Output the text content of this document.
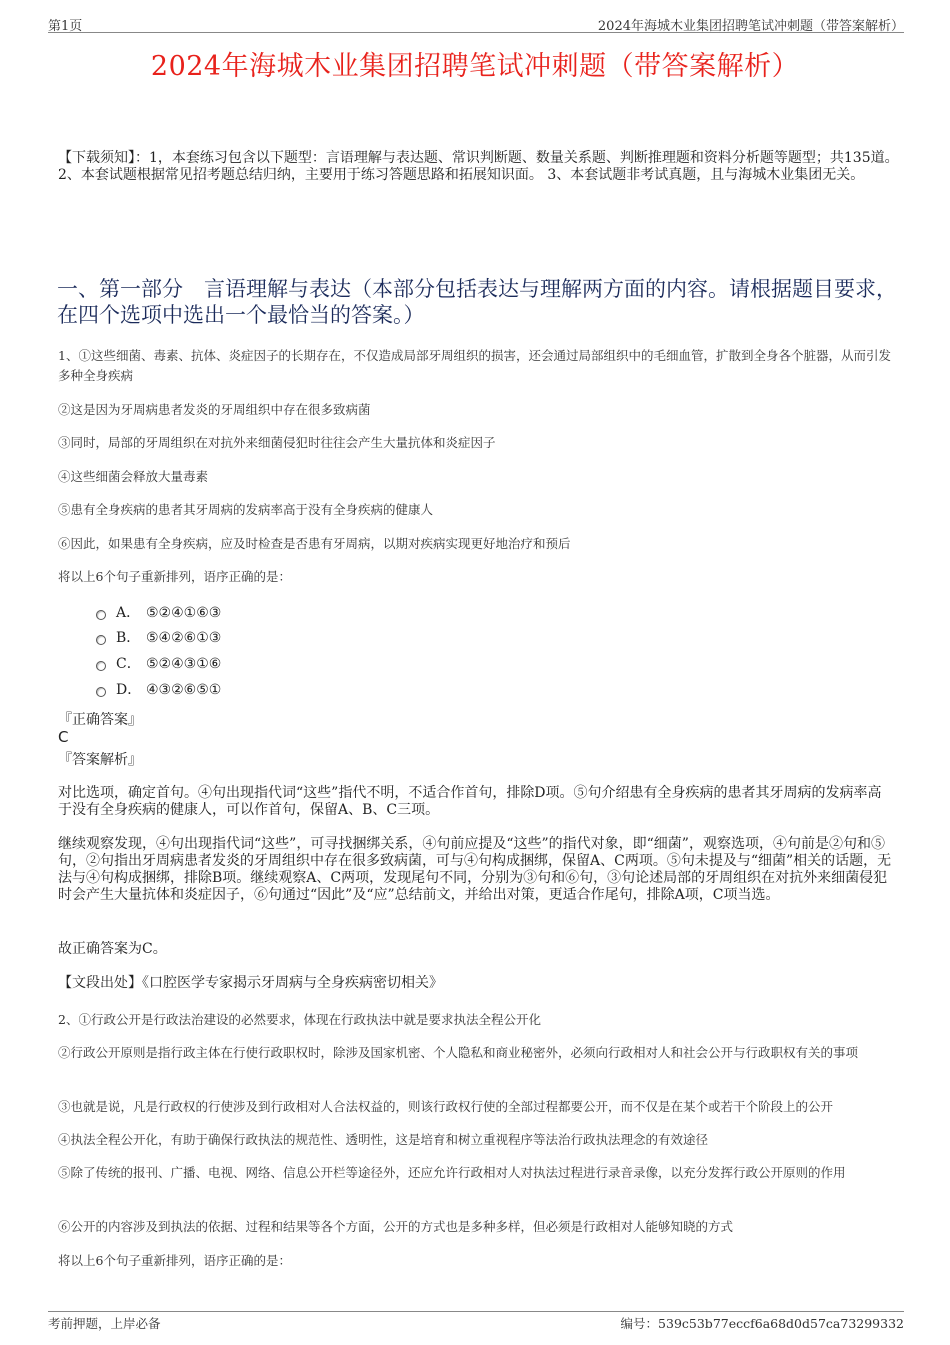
第1页	2024年海城木业集团招聘笔试冲刺题（带答案解析）
2024年海城木业集团招聘笔试冲刺题（带答案解析）
【下载须知】：1，本套练习包含以下题型：言语理解与表达题、常识判断题、数量关系题、判断推理题和资料分析题等题型；共135道。 2、本套试题根据常见招考题总结归纳，主要用于练习答题思路和拓展知识面。 3、本套试题非考试真题，且与海城木业集团无关。
一、第一部分　言语理解与表达（本部分包括表达与理解两方面的内容。请根据题目要求，在四个选项中选出一个最恰当的答案。）
1、①这些细菌、毒素、抗体、炎症因子的长期存在，不仅造成局部牙周组织的损害，还会通过局部组织中的毛细血管，扩散到全身各个脏器，从而引发多种全身疾病
②这是因为牙周病患者发炎的牙周组织中存在很多致病菌
③同时，局部的牙周组织在对抗外来细菌侵犯时往往会产生大量抗体和炎症因子
④这些细菌会释放大量毒素
⑤患有全身疾病的患者其牙周病的发病率高于没有全身疾病的健康人
⑥因此，如果患有全身疾病，应及时检查是否患有牙周病，以期对疾病实现更好地治疗和预后
将以上6个句子重新排列，语序正确的是：
A． ⑤②④①⑥③
B． ⑤④②⑥①③
C． ⑤②④③①⑥
D． ④③②⑥⑤①
『正确答案』
C
『答案解析』
对比选项，确定首句。④句出现指代词“这些”指代不明，不适合作首句，排除D项。⑤句介绍患有全身疾病的患者其牙周病的发病率高于没有全身疾病的健康人，可以作首句，保留A、B、C三项。
继续观察发现，④句出现指代词“这些”，可寻找捆绑关系，④句前应提及“这些”的指代对象，即“细菌”，观察选项，④句前是②句和⑤句，②句指出牙周病患者发炎的牙周组织中存在很多致病菌，可与④句构成捆绑，保留A、C两项。⑤句未提及与“细菌”相关的话题，无法与④句构成捆绑，排除B项。继续观察A、C两项，发现尾句不同，分别为③句和⑥句，③句论述局部的牙周组织在对抗外来细菌侵犯时会产生大量抗体和炎症因子，⑥句通过“因此”及“应”总结前文，并给出对策，更适合作尾句，排除A项，C项当选。
故正确答案为C。
【文段出处】《口腔医学专家揭示牙周病与全身疾病密切相关》
2、①行政公开是行政法治建设的必然要求，体现在行政执法中就是要求执法全程公开化
②行政公开原则是指行政主体在行使行政职权时，除涉及国家机密、个人隐私和商业秘密外，必须向行政相对人和社会公开与行政职权有关的事项
③也就是说，凡是行政权的行使涉及到行政相对人合法权益的，则该行政权行使的全部过程都要公开，而不仅是在某个或若干个阶段上的公开
④执法全程公开化，有助于确保行政执法的规范性、透明性，这是培育和树立重视程序等法治行政执法理念的有效途径
⑤除了传统的报刊、广播、电视、网络、信息公开栏等途径外，还应允许行政相对人对执法过程进行录音录像，以充分发挥行政公开原则的作用
⑥公开的内容涉及到执法的依据、过程和结果等各个方面，公开的方式也是多种多样，但必须是行政相对人能够知晓的方式
将以上6个句子重新排列，语序正确的是：
考前押题，上岸必备	编号：539c53b77eccf6a68d0d57ca73299332
